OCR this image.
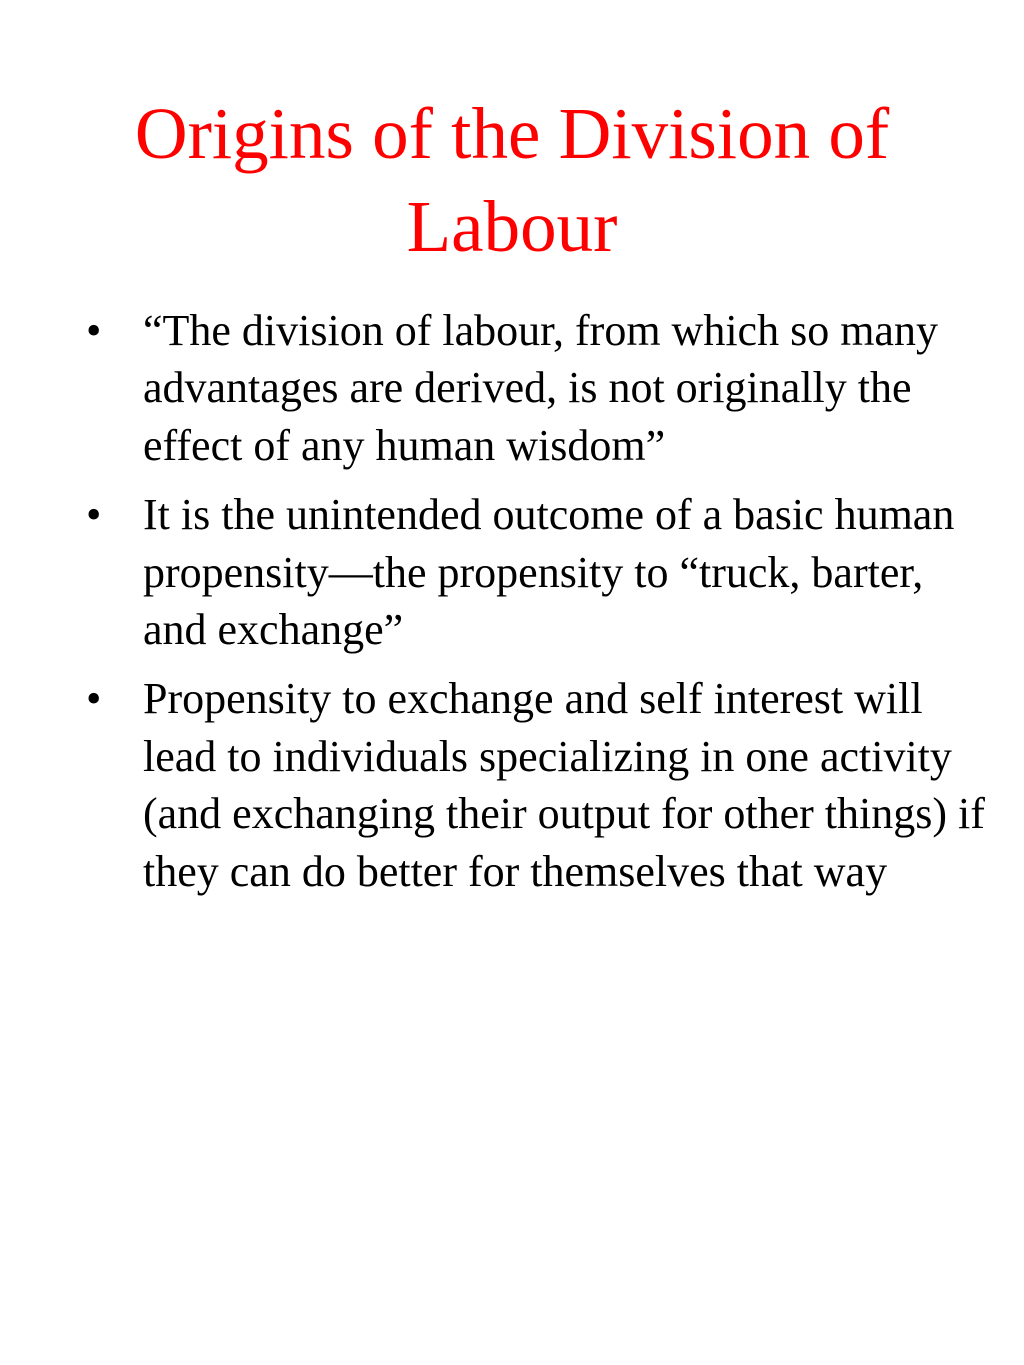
Origins of the Division of Labour
• “The division of labour, from which so many advantages are derived, is not originally the effect of any human wisdom”
• It is the unintended outcome of a basic human propensity—the propensity to “truck, barter, and exchange”
• Propensity to exchange and self interest will lead to individuals specializing in one activity (and exchanging their output for other things) if they can do better for themselves that way
